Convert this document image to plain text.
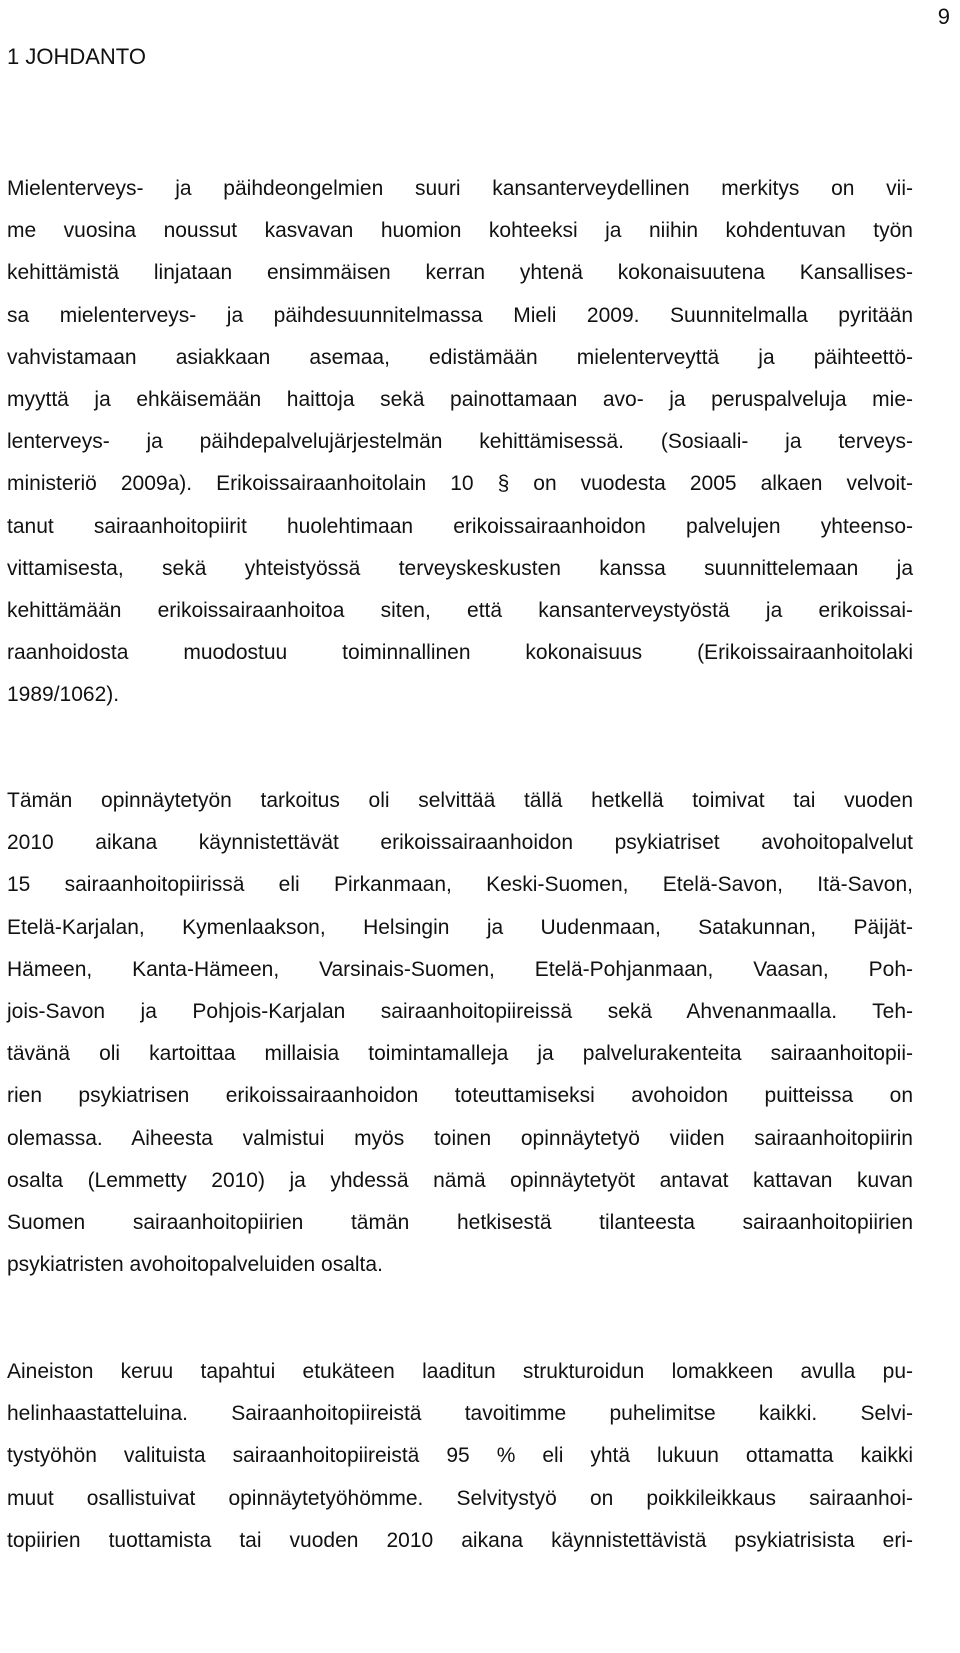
9
1 JOHDANTO
Mielenterveys- ja päihdeongelmien suuri kansanterveydellinen merkitys on vii-
me vuosina noussut kasvavan huomion kohteeksi ja niihin kohdentuvan työn
kehittämistä linjataan ensimmäisen kerran yhtenä kokonaisuutena Kansallises-
sa mielenterveys- ja päihdesuunnitelmassa Mieli 2009. Suunnitelmalla pyritään
vahvistamaan asiakkaan asemaa, edistämään mielenterveyttä ja päihteettö-
myyttä ja ehkäisemään haittoja sekä painottamaan avo- ja peruspalveluja mie-
lenterveys- ja päihdepalvelujärjestelmän kehittämisessä. (Sosiaali- ja terveys-
ministeriö 2009a). Erikoissairaanhoitolain 10 § on vuodesta 2005 alkaen velvoit-
tanut sairaanhoitopiirit huolehtimaan erikoissairaanhoidon palvelujen yhteenso-
vittamisesta, sekä yhteistyössä terveyskeskusten kanssa suunnittelemaan ja
kehittämään erikoissairaanhoitoa siten, että kansanterveystyöstä ja erikoissai-
raanhoidosta muodostuu toiminnallinen kokonaisuus (Erikoissairaanhoitolaki
1989/1062).
Tämän opinnäytetyön tarkoitus oli selvittää tällä hetkellä toimivat tai vuoden
2010 aikana käynnistettävät erikoissairaanhoidon psykiatriset avohoitopalvelut
15 sairaanhoitopiirissä eli Pirkanmaan, Keski-Suomen, Etelä-Savon, Itä-Savon,
Etelä-Karjalan, Kymenlaakson, Helsingin ja Uudenmaan, Satakunnan, Päijät-
Hämeen, Kanta-Hämeen, Varsinais-Suomen, Etelä-Pohjanmaan, Vaasan, Poh-
jois-Savon ja Pohjois-Karjalan sairaanhoitopiireissä sekä Ahvenanmaalla. Teh-
tävänä oli kartoittaa millaisia toimintamalleja ja palvelurakenteita sairaanhoitopii-
rien psykiatrisen erikoissairaanhoidon toteuttamiseksi avohoidon puitteissa on
olemassa. Aiheesta valmistui myös toinen opinnäytetyö viiden sairaanhoitopiirin
osalta (Lemmetty 2010) ja yhdessä nämä opinnäytetyöt antavat kattavan kuvan
Suomen sairaanhoitopiirien tämän hetkisestä tilanteesta sairaanhoitopiirien
psykiatristen avohoitopalveluiden osalta.
Aineiston keruu tapahtui etukäteen laaditun strukturoidun lomakkeen avulla pu-
helinhaastatteluina. Sairaanhoitopiireistä tavoitimme puhelimitse kaikki. Selvi-
tystyöhön valituista sairaanhoitopiireistä 95 % eli yhtä lukuun ottamatta kaikki
muut osallistuivat opinnäytetyöhömme. Selvitystyö on poikkileikkaus sairaanhoi-
topiirien tuottamista tai vuoden 2010 aikana käynnistettävistä psykiatrisista eri-
